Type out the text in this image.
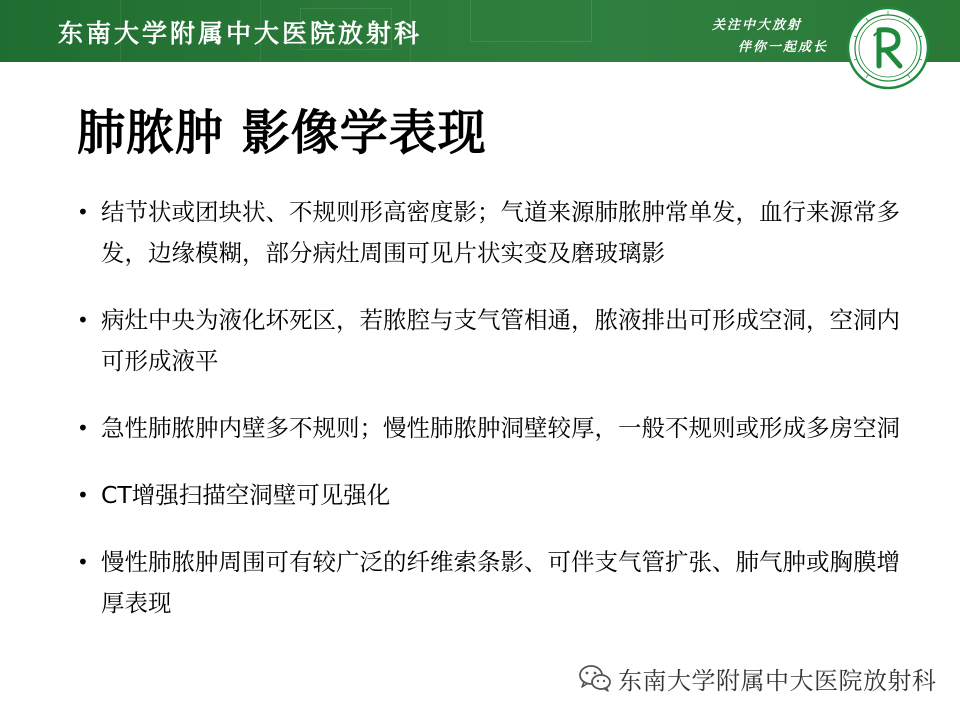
东南大学附属中大医院放射科	关注中大放射
伴你一起成长
肺脓肿 影像学表现
• 结节状或团块状、不规则形高密度影；气道来源肺脓肿常单发，血行来源常多发，边缘模糊，部分病灶周围可见片状实变及磨玻璃影
• 病灶中央为液化坏死区，若脓腔与支气管相通，脓液排出可形成空洞，空洞内可形成液平
• 急性肺脓肿内壁多不规则；慢性肺脓肿洞壁较厚，一般不规则或形成多房空洞
• CT增强扫描空洞壁可见强化
• 慢性肺脓肿周围可有较广泛的纤维索条影、可伴支气管扩张、肺气肿或胸膜增厚表现
东南大学附属中大医院放射科
